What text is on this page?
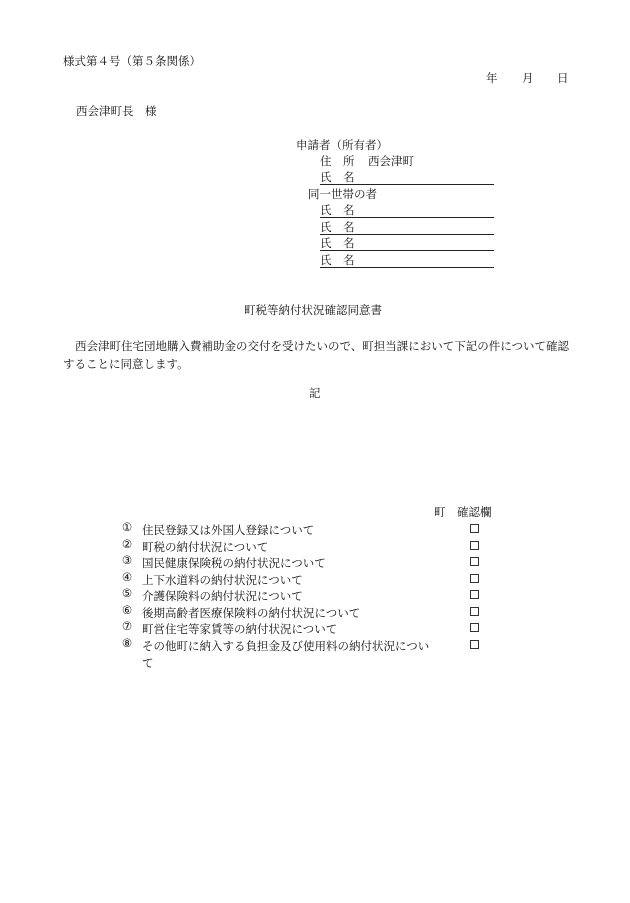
様式第４号（第５条関係）
年 月 日
西会津町長　様
申請者（所有者）
住　所 西会津町
氏　名
同一世帯の者
氏　名
氏　名
氏　名
氏　名
町税等納付状況確認同意書
西会津町住宅団地購入費補助金の交付を受けたいので、町担当課において下記の件について確認することに同意します。
記
町　確認欄
① 住民登録又は外国人登録について
② 町税の納付状況について
③ 国民健康保険税の納付状況について
④ 上下水道料の納付状況について
⑤ 介護保険料の納付状況について
⑥ 後期高齢者医療保険料の納付状況について
⑦ 町営住宅等家賃等の納付状況について
⑧ その他町に納入する負担金及び使用料の納付状況について
